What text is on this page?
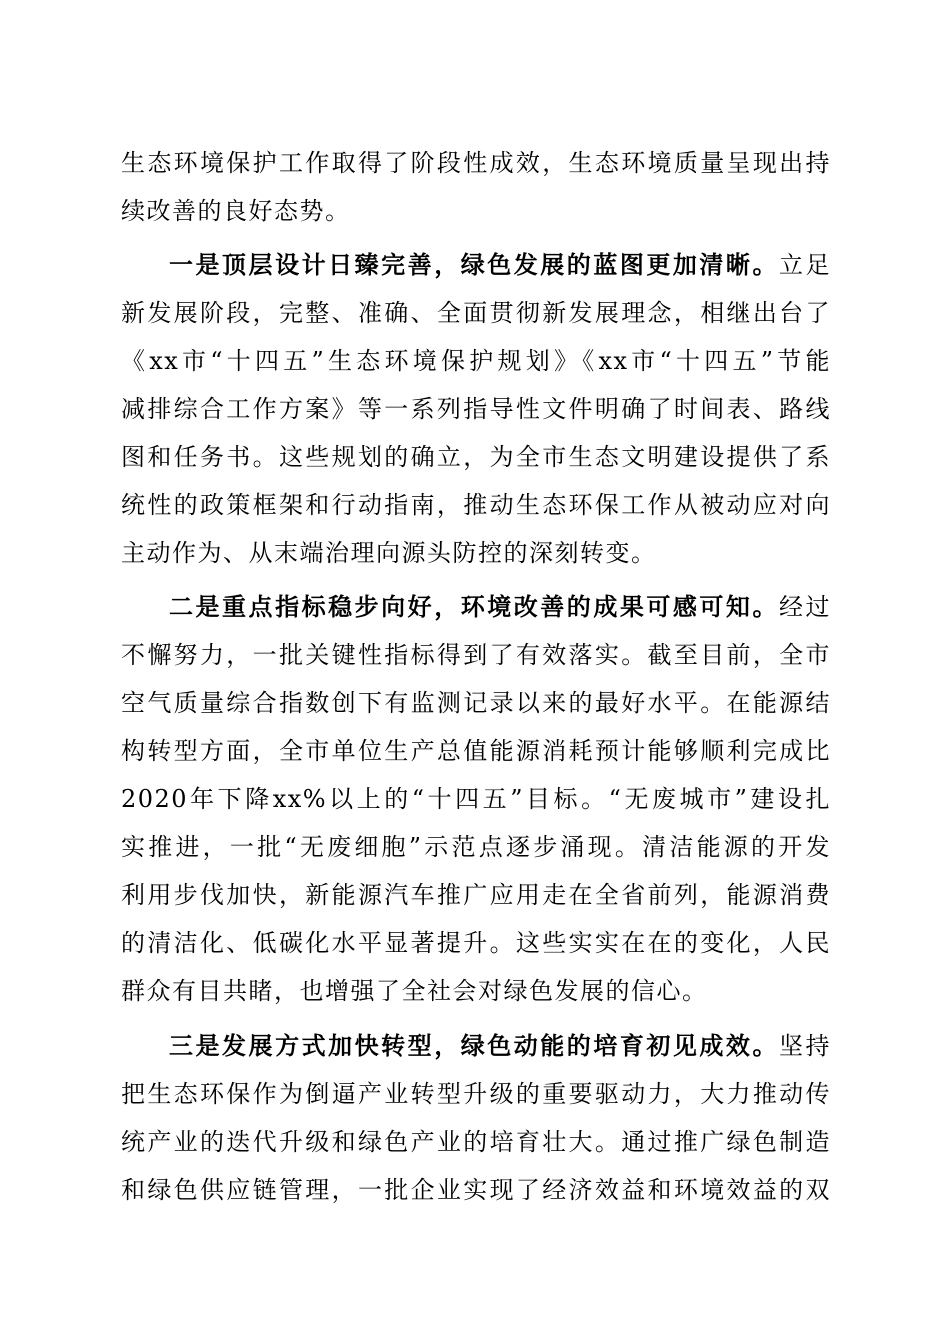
生态环境保护工作取得了阶段性成效，生态环境质量呈现出持
续改善的良好态势。
一是顶层设计日臻完善，绿色发展的蓝图更加清晰。立足
新发展阶段，完整、准确、全面贯彻新发展理念，相继出台了
《xx市“十四五”生态环境保护规划》《xx市“十四五”节能
减排综合工作方案》等一系列指导性文件明确了时间表、路线
图和任务书。这些规划的确立，为全市生态文明建设提供了系
统性的政策框架和行动指南，推动生态环保工作从被动应对向
主动作为、从末端治理向源头防控的深刻转变。
二是重点指标稳步向好，环境改善的成果可感可知。经过
不懈努力，一批关键性指标得到了有效落实。截至目前，全市
空气质量综合指数创下有监测记录以来的最好水平。在能源结
构转型方面，全市单位生产总值能源消耗预计能够顺利完成比
2020年下降xx%以上的“十四五”目标。“无废城市”建设扎
实推进，一批“无废细胞”示范点逐步涌现。清洁能源的开发
利用步伐加快，新能源汽车推广应用走在全省前列，能源消费
的清洁化、低碳化水平显著提升。这些实实在在的变化，人民
群众有目共睹，也增强了全社会对绿色发展的信心。
三是发展方式加快转型，绿色动能的培育初见成效。坚持
把生态环保作为倒逼产业转型升级的重要驱动力，大力推动传
统产业的迭代升级和绿色产业的培育壮大。通过推广绿色制造
和绿色供应链管理，一批企业实现了经济效益和环境效益的双
